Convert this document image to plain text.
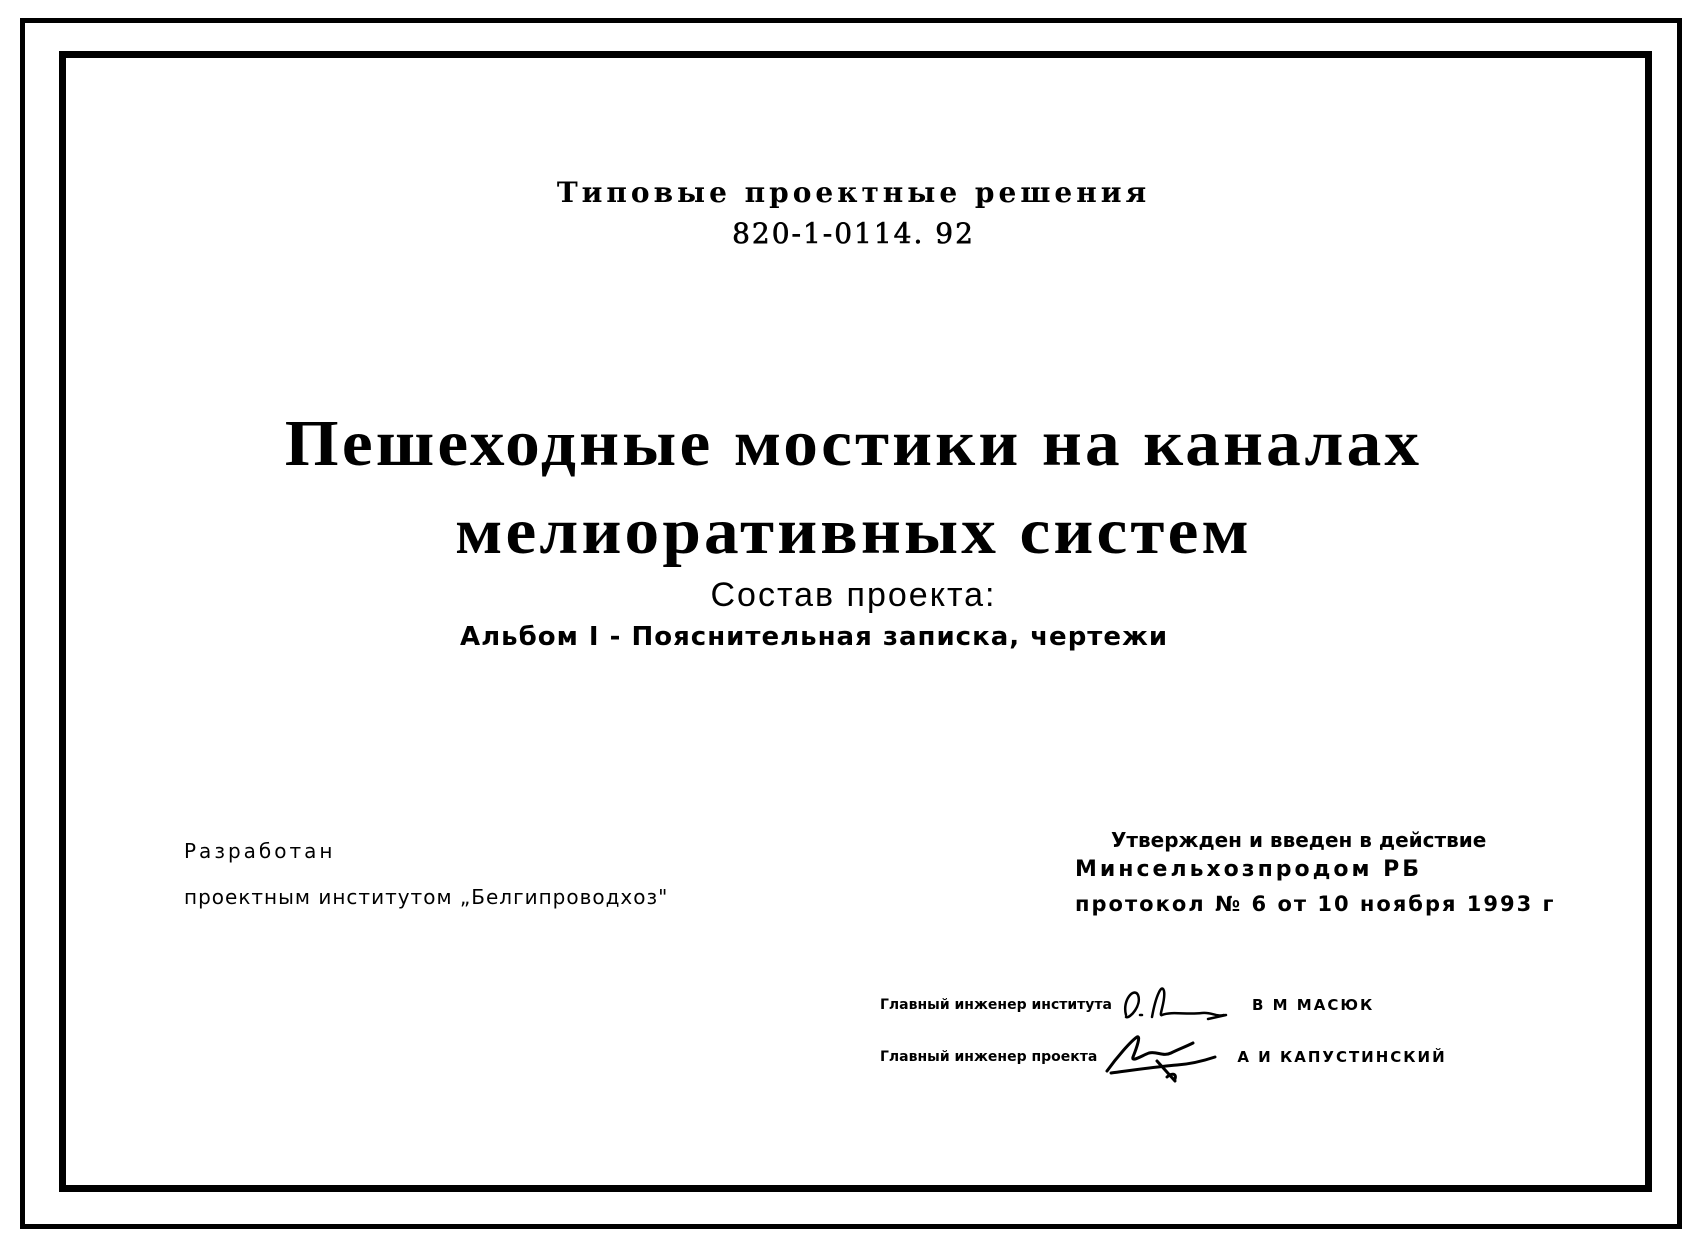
Типовые проектные решения
820-1-0114. 92
Пешеходные мостики на каналах
мелиоративных систем
Состав проекта:
Альбом I - Пояснительная записка, чертежи
Разработан
проектным институтом „Белгипроводхоз"
Утвержден и введен в действие
Минсельхозпродом РБ
протокол № 6 от 10 ноября 1993 г
Главный инженер института	В М МАСЮК
Главный инженер проекта	А И КАПУСТИНСКИЙ
